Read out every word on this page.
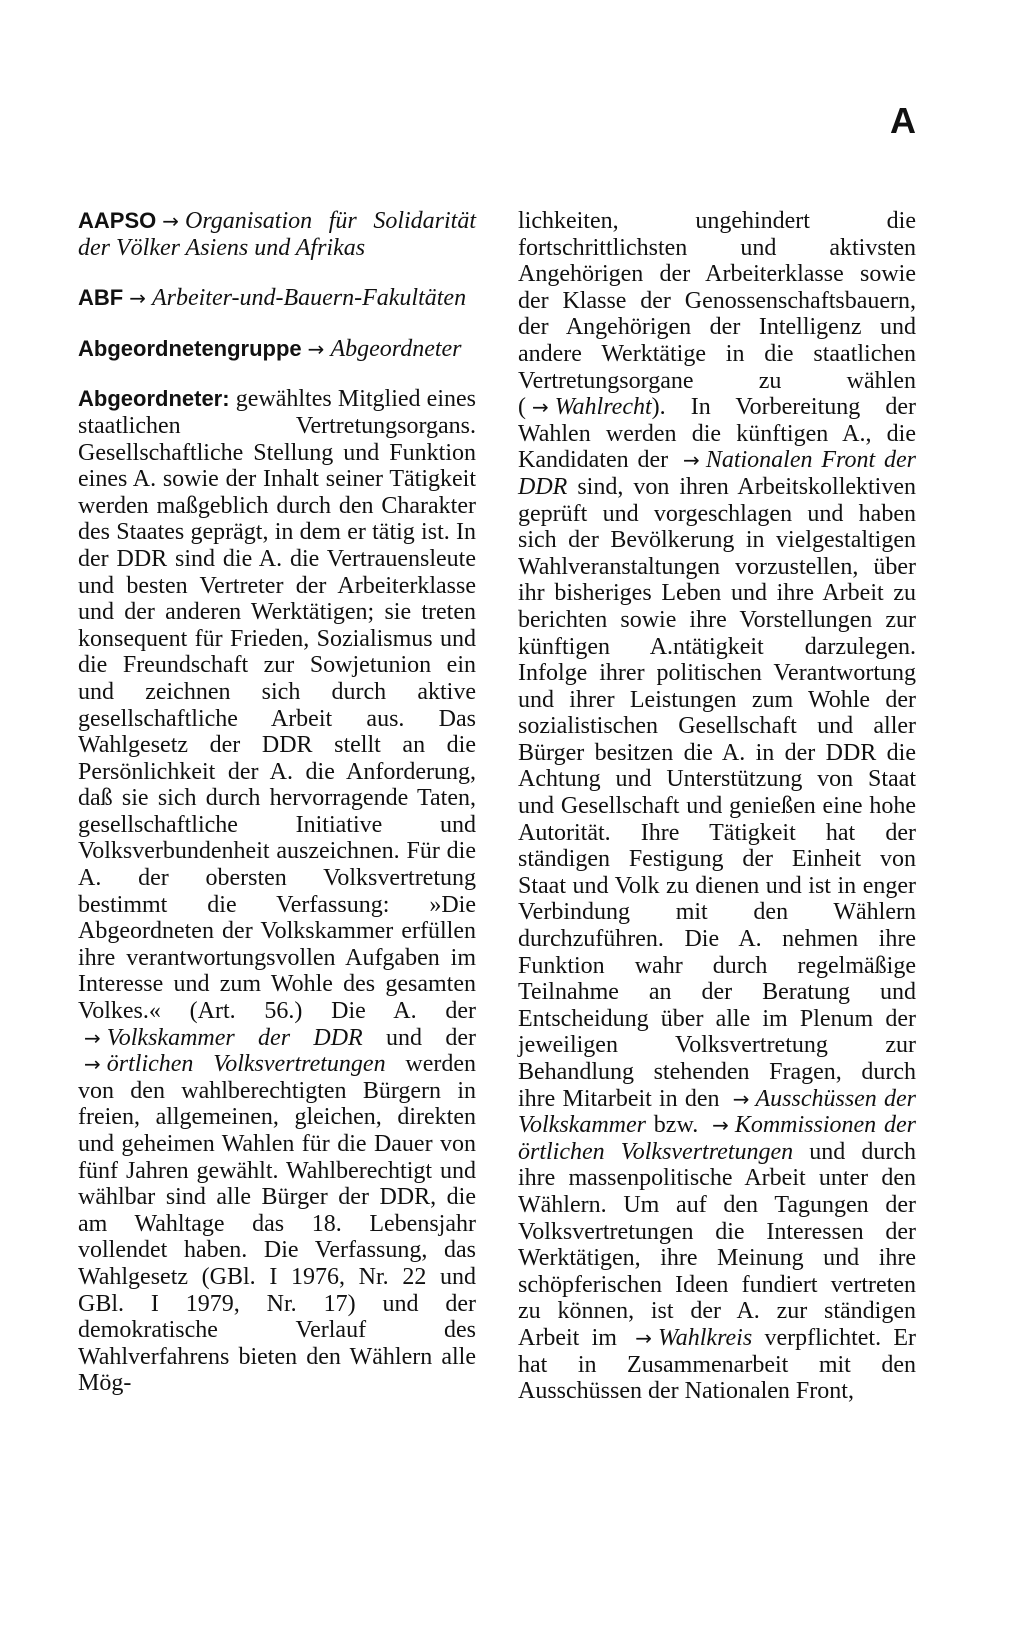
A

AAPSO → Organisation für Solidarität der Völker Asiens und Afrikas

ABF → Arbeiter-und-Bauern-Fakultäten

Abgeordnetengruppe → Abgeordneter

Abgeordneter: gewähltes Mitglied eines staatlichen Vertretungsorgans. Gesellschaftliche Stellung und Funktion eines A. sowie der Inhalt seiner Tätigkeit werden maßgeblich durch den Charakter des Staates geprägt, in dem er tätig ist. In der DDR sind die A. die Vertrauensleute und besten Vertreter der Arbeiterklasse und der anderen Werktätigen; sie treten konsequent für Frieden, Sozialismus und die Freundschaft zur Sowjetunion ein und zeichnen sich durch aktive gesellschaftliche Arbeit aus. Das Wahlgesetz der DDR stellt an die Persönlichkeit der A. die Anforderung, daß sie sich durch hervorragende Taten, gesellschaftliche Initiative und Volksverbundenheit auszeichnen. Für die A. der obersten Volksvertretung bestimmt die Verfassung: »Die Abgeordneten der Volkskammer erfüllen ihre verantwortungsvollen Aufgaben im Interesse und zum Wohle des gesamten Volkes.« (Art. 56.) Die A. der → Volkskammer der DDR und der → örtlichen Volksvertretungen werden von den wahlberechtigten Bürgern in freien, allgemeinen, gleichen, direkten und geheimen Wahlen für die Dauer von fünf Jahren gewählt. Wahlberechtigt und wählbar sind alle Bürger der DDR, die am Wahltage das 18. Lebensjahr vollendet haben. Die Verfassung, das Wahlgesetz (GBl. I 1976, Nr. 22 und GBl. I 1979, Nr. 17) und der demokratische Verlauf des Wahlverfahrens bieten den Wählern alle Mög-

lichkeiten, ungehindert die fortschrittlichsten und aktivsten Angehörigen der Arbeiterklasse sowie der Klasse der Genossenschaftsbauern, der Angehörigen der Intelligenz und andere Werktätige in die staatlichen Vertretungsorgane zu wählen ( → Wahlrecht). In Vorbereitung der Wahlen werden die künftigen A., die Kandidaten der → Nationalen Front der DDR sind, von ihren Arbeitskollektiven geprüft und vorgeschlagen und haben sich der Bevölkerung in vielgestaltigen Wahlveranstaltungen vorzustellen, über ihr bisheriges Leben und ihre Arbeit zu berichten sowie ihre Vorstellungen zur künftigen A.ntätigkeit darzulegen. Infolge ihrer politischen Verantwortung und ihrer Leistungen zum Wohle der sozialistischen Gesellschaft und aller Bürger besitzen die A. in der DDR die Achtung und Unterstützung von Staat und Gesellschaft und genießen eine hohe Autorität. Ihre Tätigkeit hat der ständigen Festigung der Einheit von Staat und Volk zu dienen und ist in enger Verbindung mit den Wählern durchzuführen. Die A. nehmen ihre Funktion wahr durch regelmäßige Teilnahme an der Beratung und Entscheidung über alle im Plenum der jeweiligen Volksvertretung zur Behandlung stehenden Fragen, durch ihre Mitarbeit in den → Ausschüssen der Volkskammer bzw. → Kommissionen der örtlichen Volksvertretungen und durch ihre massenpolitische Arbeit unter den Wählern. Um auf den Tagungen der Volksvertretungen die Interessen der Werktätigen, ihre Meinung und ihre schöpferischen Ideen fundiert vertreten zu können, ist der A. zur ständigen Arbeit im → Wahlkreis verpflichtet. Er hat in Zusammenarbeit mit den Ausschüssen der Nationalen Front,
